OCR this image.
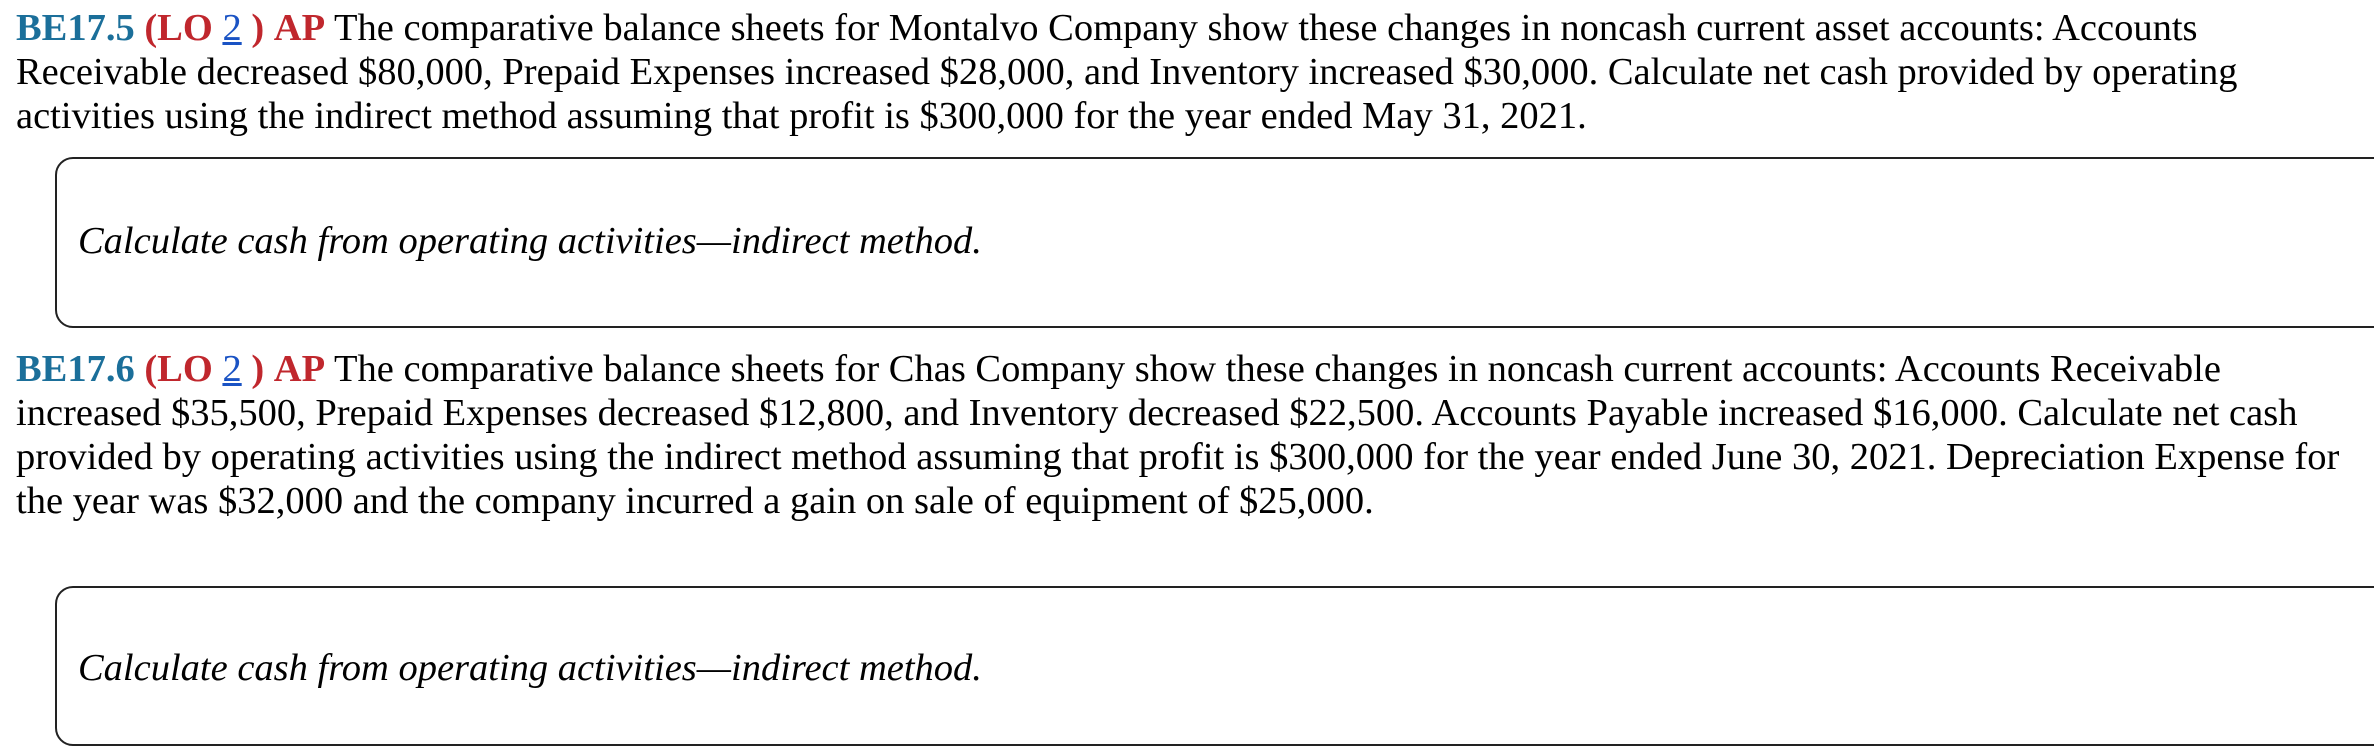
BE17.5 (LO 2 ) AP The comparative balance sheets for Montalvo Company show these changes in noncash current asset accounts: Accounts Receivable decreased $80,000, Prepaid Expenses increased $28,000, and Inventory increased $30,000. Calculate net cash provided by operating activities using the indirect method assuming that profit is $300,000 for the year ended May 31, 2021.

Calculate cash from operating activities—indirect method.

BE17.6 (LO 2 ) AP The comparative balance sheets for Chas Company show these changes in noncash current accounts: Accounts Receivable increased $35,500, Prepaid Expenses decreased $12,800, and Inventory decreased $22,500. Accounts Payable increased $16,000. Calculate net cash provided by operating activities using the indirect method assuming that profit is $300,000 for the year ended June 30, 2021. Depreciation Expense for the year was $32,000 and the company incurred a gain on sale of equipment of $25,000.

Calculate cash from operating activities—indirect method.
